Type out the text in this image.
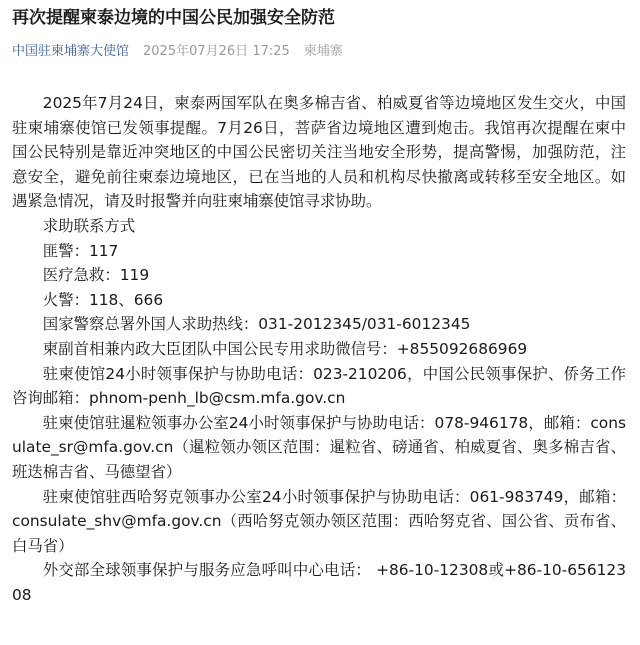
再次提醒柬泰边境的中国公民加强安全防范
中国驻柬埔寨大使馆 2025年07月26日 17:25 柬埔寨

2025年7月24日，柬泰两国军队在奥多棉吉省、柏威夏省等边境地区发生交火，中国驻柬埔寨使馆已发领事提醒。7月26日，菩萨省边境地区遭到炮击。我馆再次提醒在柬中国公民特别是靠近冲突地区的中国公民密切关注当地安全形势，提高警惕，加强防范，注意安全，避免前往柬泰边境地区，已在当地的人员和机构尽快撤离或转移至安全地区。如遇紧急情况，请及时报警并向驻柬埔寨使馆寻求协助。

求助联系方式
匪警：117
医疗急救：119
火警：118、666
国家警察总署外国人求助热线：031-2012345/031-6012345
柬副首相兼内政大臣团队中国公民专用求助微信号：+855092686969
驻柬使馆24小时领事保护与协助电话：023-210206，中国公民领事保护、侨务工作咨询邮箱：phnom-penh_lb@csm.mfa.gov.cn
驻柬使馆驻暹粒领事办公室24小时领事保护与协助电话：078-946178，邮箱：consulate_sr@mfa.gov.cn（暹粒领办领区范围：暹粒省、磅通省、柏威夏省、奥多棉吉省、班迭棉吉省、马德望省）
驻柬使馆驻西哈努克领事办公室24小时领事保护与协助电话：061-983749，邮箱：consulate_shv@mfa.gov.cn（西哈努克领办领区范围：西哈努克省、国公省、贡布省、白马省）
外交部全球领事保护与服务应急呼叫中心电话： +86-10-12308或+86-10-65612308
